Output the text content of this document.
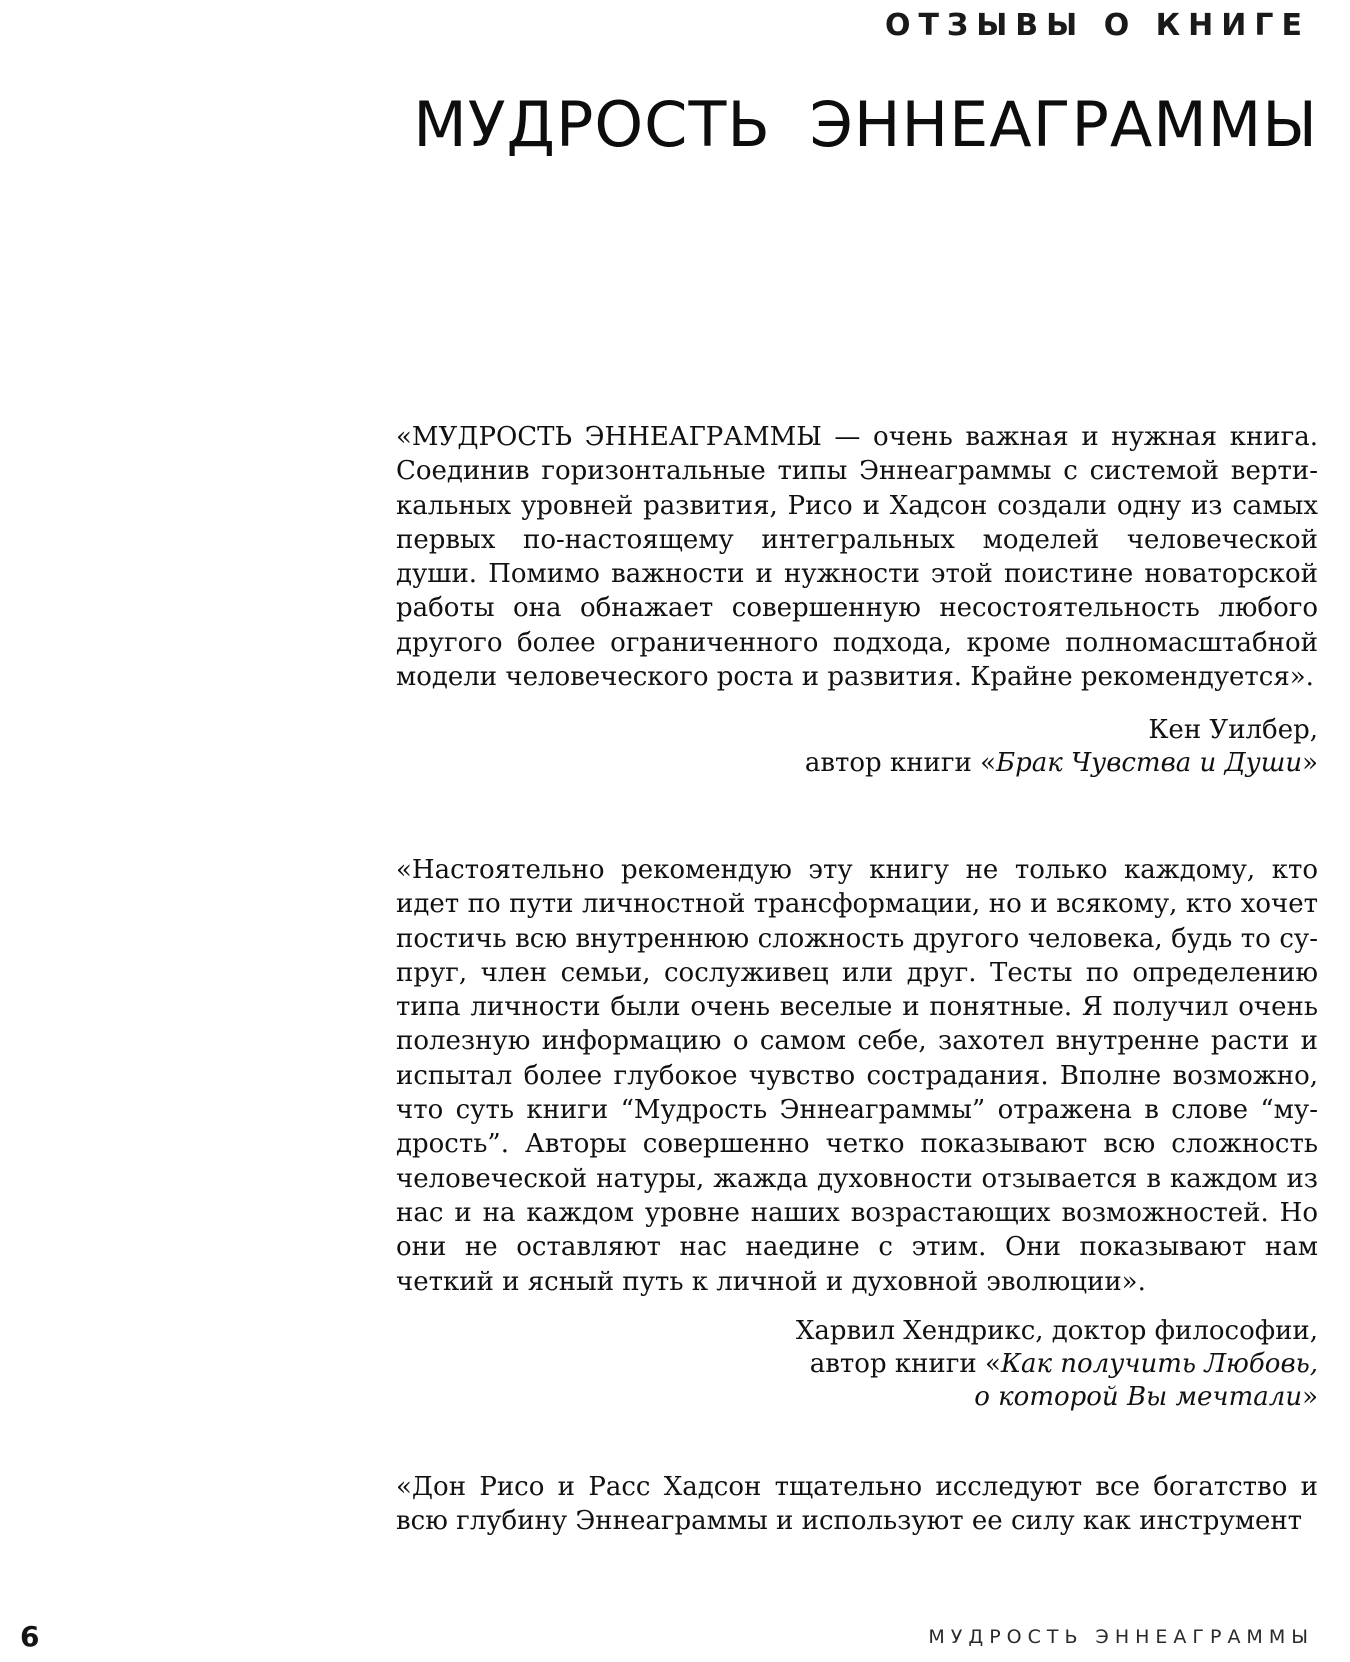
ОТЗЫВЫ О КНИГЕ
МУДРОСТЬ ЭННЕАГРАММЫ

«МУДРОСТЬ ЭННЕАГРАММЫ — очень важная и нужная книга. Соединив горизонтальные типы Эннеаграммы с системой вертикальных уровней развития, Рисо и Хадсон создали одну из самых первых по-настоящему интегральных моделей человеческой души. Помимо важности и нужности этой поистине новаторской работы она обнажает совершенную несостоятельность любого другого более ограниченного подхода, кроме полномасштабной модели человеческого роста и развития. Крайне рекомендуется».

Кен Уилбер,
автор книги «Брак Чувства и Души»

«Настоятельно рекомендую эту книгу не только каждому, кто идет по пути личностной трансформации, но и всякому, кто хочет постичь всю внутреннюю сложность другого человека, будь то супруг, член семьи, сослуживец или друг. Тесты по определению типа личности были очень веселые и понятные. Я получил очень полезную информацию о самом себе, захотел внутренне расти и испытал более глубокое чувство сострадания. Вполне возможно, что суть книги “Мудрость Эннеаграммы” отражена в слове “мудрость”. Авторы совершенно четко показывают всю сложность человеческой натуры, жажда духовности отзывается в каждом из нас и на каждом уровне наших возрастающих возможностей. Но они не оставляют нас наедине с этим. Они показывают нам четкий и ясный путь к личной и духовной эволюции».

Харвил Хендрикс, доктор философии,
автор книги «Как получить Любовь,
о которой Вы мечтали»

«Дон Рисо и Расс Хадсон тщательно исследуют все богатство и всю глубину Эннеаграммы и используют ее силу как инструмент

6	МУДРОСТЬ ЭННЕАГРАММЫ
